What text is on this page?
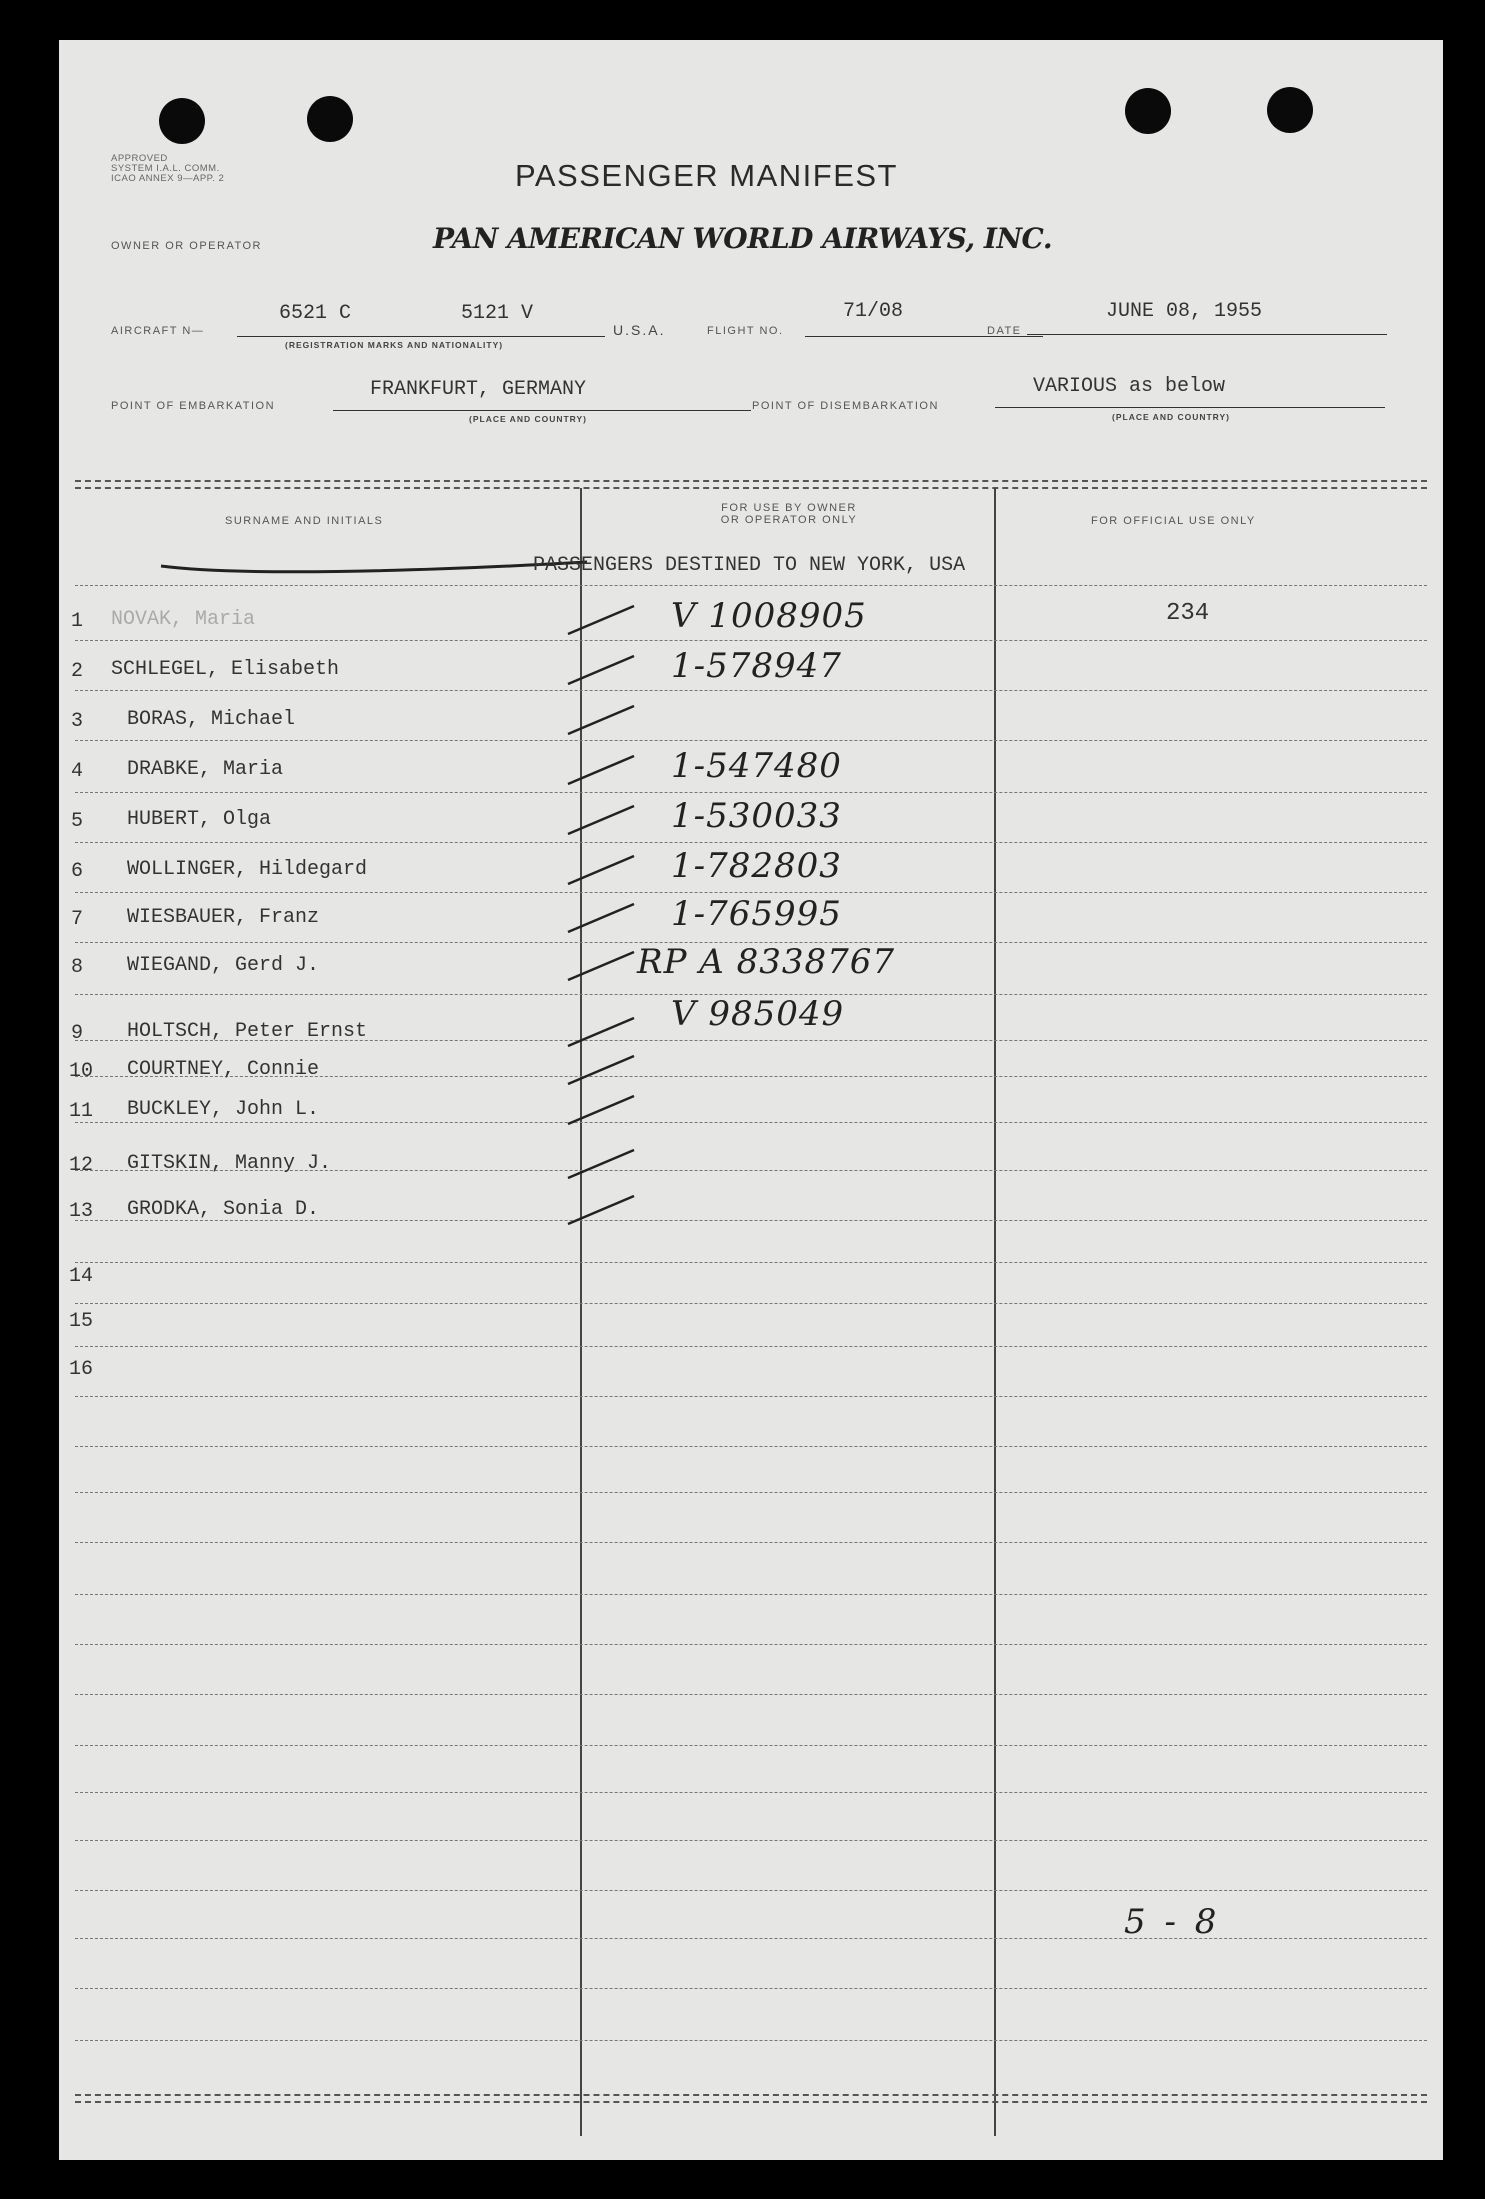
APPROVED
SYSTEM I.A.L. COMM.
ICAO ANNEX 9—APP. 2	PASSENGER MANIFEST
OWNER OR OPERATOR	PAN AMERICAN WORLD AIRWAYS, INC.
AIRCRAFT N—
6521 C	5121 V
(REGISTRATION MARKS AND NATIONALITY)
U.S.A.	FLIGHT NO.
71/08
DATE
JUNE 08, 1955
POINT OF EMBARKATION
FRANKFURT, GERMANY
(PLACE AND COUNTRY)
POINT OF DISEMBARKATION
VARIOUS as below
(PLACE AND COUNTRY)
SURNAME AND INITIALS
FOR USE BY OWNER
OR OPERATOR ONLY	FOR OFFICIAL USE ONLY
PASSENGERS DESTINED TO NEW YORK, USA
1 NOVAK, Maria	V 1008905	234
2 SCHLEGEL, Elisabeth	1-578947
3 BORAS, Michael
4 DRABKE, Maria	1-547480
5 HUBERT, Olga	1-530033
6 WOLLINGER, Hildegard	1-782803
7 WIESBAUER, Franz	1-765995
8 WIEGAND, Gerd J.	RP A 8338767
9 HOLTSCH, Peter Ernst	V 985049
10 COURTNEY, Connie
11 BUCKLEY, John L.
12 GITSKIN, Manny J.
13 GRODKA, Sonia D.
14
15
16
5 - 8
